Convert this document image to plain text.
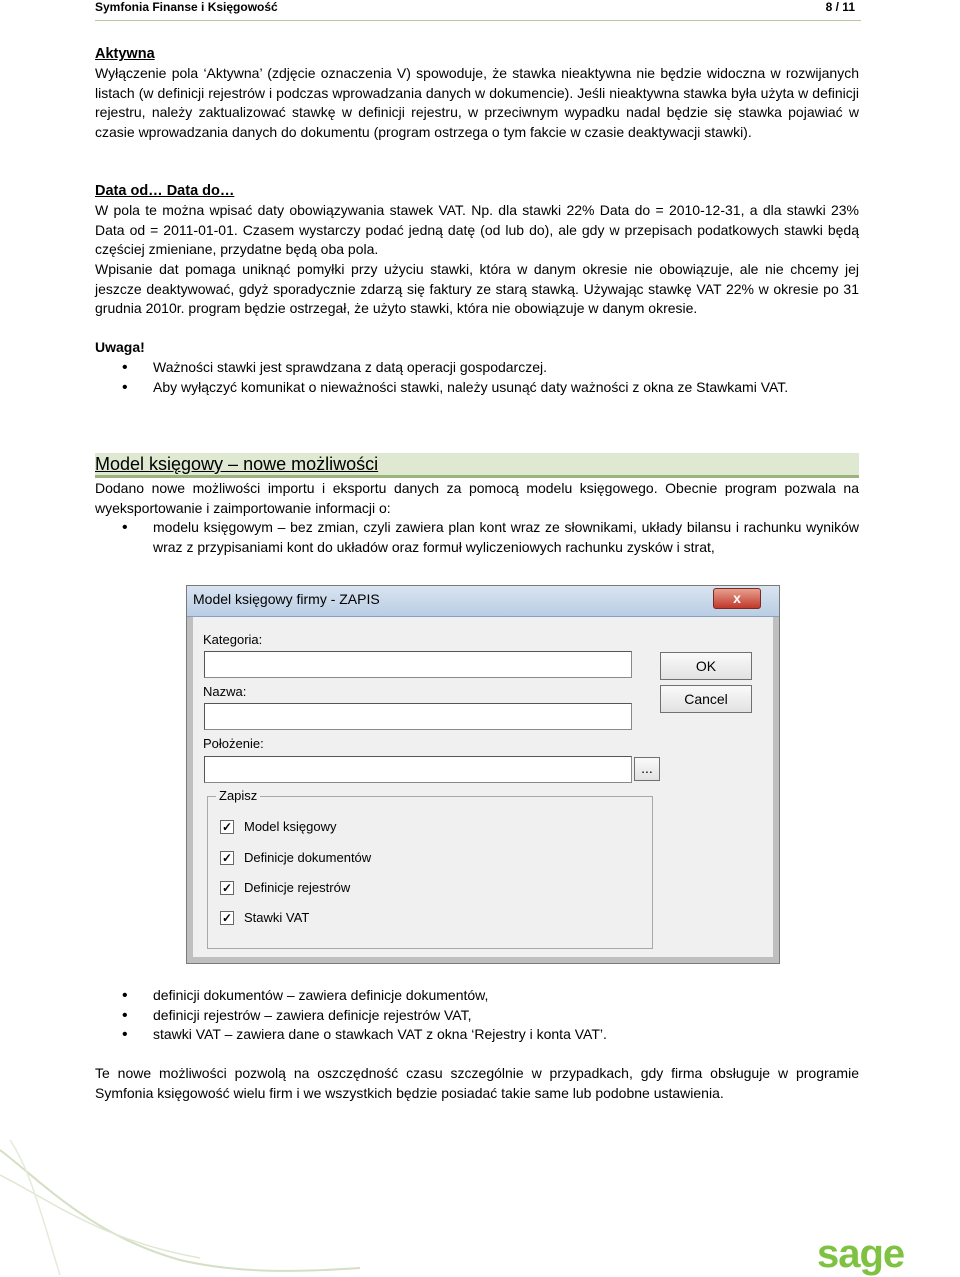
Symfonia Finanse i Księgowość	8 / 11
Aktywna

Wyłączenie pola ‘Aktywna’ (zdjęcie oznaczenia V) spowoduje, że stawka nieaktywna nie będzie widoczna w rozwijanych listach (w definicji rejestrów i podczas wprowadzania danych w dokumencie). Jeśli nieaktywna stawka była użyta w definicji rejestru, należy zaktualizować stawkę w definicji rejestru, w przeciwnym wypadku nadal będzie się stawka pojawiać w czasie wprowadzania danych do dokumentu (program ostrzega o tym fakcie w czasie deaktywacji stawki).

Data od… Data do…

W pola te można wpisać daty obowiązywania stawek VAT. Np. dla stawki 22% Data do = 2010-12-31, a dla stawki 23% Data od = 2011-01-01. Czasem wystarczy podać jedną datę (od lub do), ale gdy w przepisach podatkowych stawki będą częściej zmieniane, przydatne będą oba pola.

Wpisanie dat pomaga uniknąć pomyłki przy użyciu stawki, która w danym okresie nie obowiązuje, ale nie chcemy jej jeszcze deaktywować, gdyż sporadycznie zdarzą się faktury ze starą stawką. Używając stawkę VAT 22% w okresie po 31 grudnia 2010r. program będzie ostrzegał, że użyto stawki, która nie obowiązuje w danym okresie.

Uwaga!
• Ważności stawki jest sprawdzana z datą operacji gospodarczej.
• Aby wyłączyć komunikat o nieważności stawki, należy usunąć daty ważności z okna ze Stawkami VAT.
Model księgowy – nowe możliwości

Dodano nowe możliwości importu i eksportu danych za pomocą modelu księgowego. Obecnie program pozwala na wyeksportowanie i zaimportowanie informacji o:

• modelu księgowym – bez zmian, czyli zawiera plan kont wraz ze słownikami, układy bilansu i rachunku wyników wraz z przypisaniami kont do układów oraz formuł wyliczeniowych rachunku zysków i strat,
• definicji dokumentów – zawiera definicje dokumentów,
• definicji rejestrów – zawiera definicje rejestrów VAT,
• stawki VAT – zawiera dane o stawkach VAT z okna ‘Rejestry i konta VAT’.

Te nowe możliwości pozwolą na oszczędność czasu szczególnie w przypadkach, gdy firma obsługuje w programie Symfonia księgowość wielu firm i we wszystkich będzie posiadać takie same lub podobne ustawienia.

Model księgowy firmy - ZAPIS	x
Kategoria:
Nazwa:
Położenie:
...
OK
Cancel
Zapisz
✓ Model księgowy
✓ Definicje dokumentów
✓ Definicje rejestrów
✓ Stawki VAT
sage
